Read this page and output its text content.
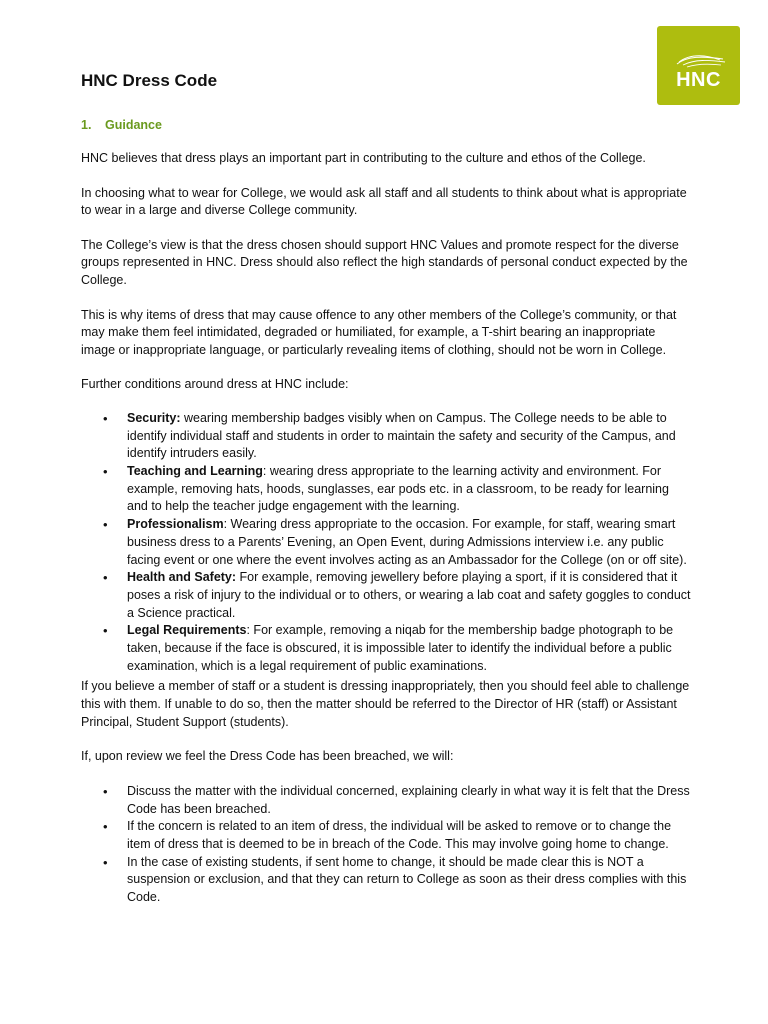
HNC
HNC Dress Code
1. Guidance

HNC believes that dress plays an important part in contributing to the culture and ethos of the College.

In choosing what to wear for College, we would ask all staff and all students to think about what is appropriate to wear in a large and diverse College community.

The College’s view is that the dress chosen should support HNC Values and promote respect for the diverse groups represented in HNC. Dress should also reflect the high standards of personal conduct expected by the College.

This is why items of dress that may cause offence to any other members of the College’s community, or that may make them feel intimidated, degraded or humiliated, for example, a T-shirt bearing an inappropriate image or inappropriate language, or particularly revealing items of clothing, should not be worn in College.

Further conditions around dress at HNC include:

• Security: wearing membership badges visibly when on Campus. The College needs to be able to identify individual staff and students in order to maintain the safety and security of the Campus, and identify intruders easily.
• Teaching and Learning: wearing dress appropriate to the learning activity and environment. For example, removing hats, hoods, sunglasses, ear pods etc. in a classroom, to be ready for learning and to help the teacher judge engagement with the learning.
• Professionalism: Wearing dress appropriate to the occasion. For example, for staff, wearing smart business dress to a Parents’ Evening, an Open Event, during Admissions interview i.e. any public facing event or one where the event involves acting as an Ambassador for the College (on or off site).
• Health and Safety: For example, removing jewellery before playing a sport, if it is considered that it poses a risk of injury to the individual or to others, or wearing a lab coat and safety goggles to conduct a Science practical.
• Legal Requirements: For example, removing a niqab for the membership badge photograph to be taken, because if the face is obscured, it is impossible later to identify the individual before a public examination, which is a legal requirement of public examinations.

If you believe a member of staff or a student is dressing inappropriately, then you should feel able to challenge this with them. If unable to do so, then the matter should be referred to the Director of HR (staff) or Assistant Principal, Student Support (students).

If, upon review we feel the Dress Code has been breached, we will:

• Discuss the matter with the individual concerned, explaining clearly in what way it is felt that the Dress Code has been breached.
• If the concern is related to an item of dress, the individual will be asked to remove or to change the item of dress that is deemed to be in breach of the Code. This may involve going home to change.
• In the case of existing students, if sent home to change, it should be made clear this is NOT a suspension or exclusion, and that they can return to College as soon as their dress complies with this Code.
